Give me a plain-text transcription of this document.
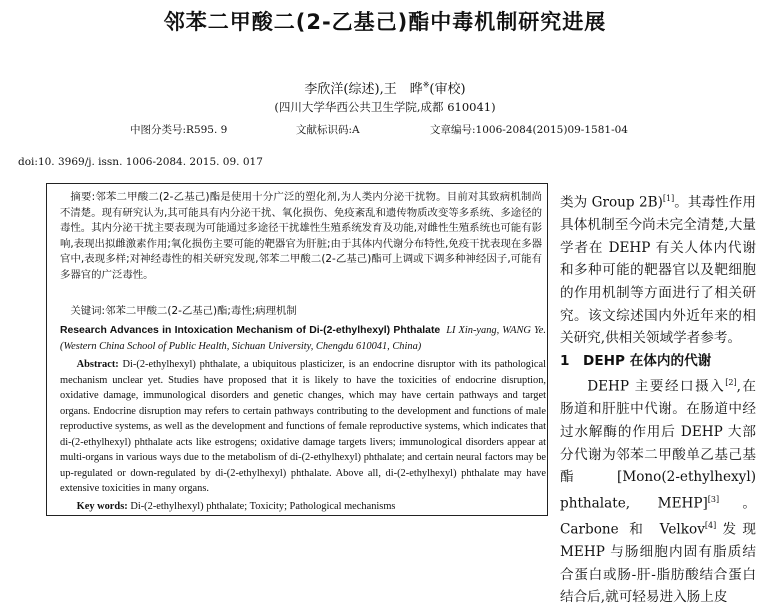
邻苯二甲酸二(2-乙基己)酯中毒机制研究进展
李欣洋(综述),王　晔※(审校)
(四川大学华西公共卫生学院,成都 610041)
中图分类号:R595. 9	文献标识码:A	文章编号:1006-2084(2015)09-1581-04
doi:10. 3969/j. issn. 1006-2084. 2015. 09. 017
摘要:邻苯二甲酸二(2-乙基己)酯是使用十分广泛的塑化剂,为人类内分泌干扰物。目前对其致病机制尚不清楚。现有研究认为,其可能具有内分泌干扰、氧化损伤、免疫紊乱和遗传物质改变等多系统、多途径的毒性。其内分泌干扰主要表现为可能通过多途径干扰雄性生殖系统发育及功能,对雌性生殖系统也可能有影响,表现出拟雌激素作用;氧化损伤主要可能的靶器官为肝脏;由于其体内代谢分布特性,免疫干扰表现在多器官中,表现多样;对神经毒性的相关研究发现,邻苯二甲酸二(2-乙基己)酯可上调或下调多种神经因子,可能有多器官的广泛毒性。
关键词:邻苯二甲酸二(2-乙基己)酯;毒性;病理机制
Research Advances in Intoxication Mechanism of Di-(2-ethylhexyl) Phthalate LI Xin-yang, WANG Ye. (Western China School of Public Health, Sichuan University, Chengdu 610041, China)
Abstract: Di-(2-ethylhexyl) phthalate, a ubiquitous plasticizer, is an endocrine disruptor with its pathological mechanism unclear yet. Studies have proposed that it is likely to have the toxicities of endocrine disruption, oxidative damage, immunological disorders and genetic changes, which may have certain pathways and target organs. Endocrine disruption may refers to certain pathways contributing to the development and functions of male reproductive systems, as well as the development and functions of female reproductive systems, which indicates that di-(2-ethylhexyl) phthalate acts like estrogens; oxidative damage targets livers; immunological disorders appear at multi-organs in various ways due to the metabolism of di-(2-ethylhexyl) phthalate; and certain neural factors may be up-regulated or down-regulated by di-(2-ethylhexyl) phthalate. Above all, di-(2-ethylhexyl) phthalate may have extensive toxicities in many organs.
Key words: Di-(2-ethylhexyl) phthalate; Toxicity; Pathological mechanisms

类为 Group 2B)[1]。其毒性作用具体机制至今尚未完全清楚,大量学者在 DEHP 有关人体内代谢和多种可能的靶器官以及靶细胞的作用机制等方面进行了相关研究。该文综述国内外近年来的相关研究,供相关领域学者参考。

1　DEHP 在体内的代谢

DEHP 主要经口摄入[2],在肠道和肝脏中代谢。在肠道中经过水解酶的作用后 DEHP 大部分代谢为邻苯二甲酸单乙基己基酯[Mono(2-ethylhexyl) phthalate, MEHP][3]。Carbone 和 Velkov[4]发现 MEHP 与肠细胞内固有脂质结合蛋白或肠-肝-脂肪酸结合蛋白结合后,就可轻易进入肠上皮
